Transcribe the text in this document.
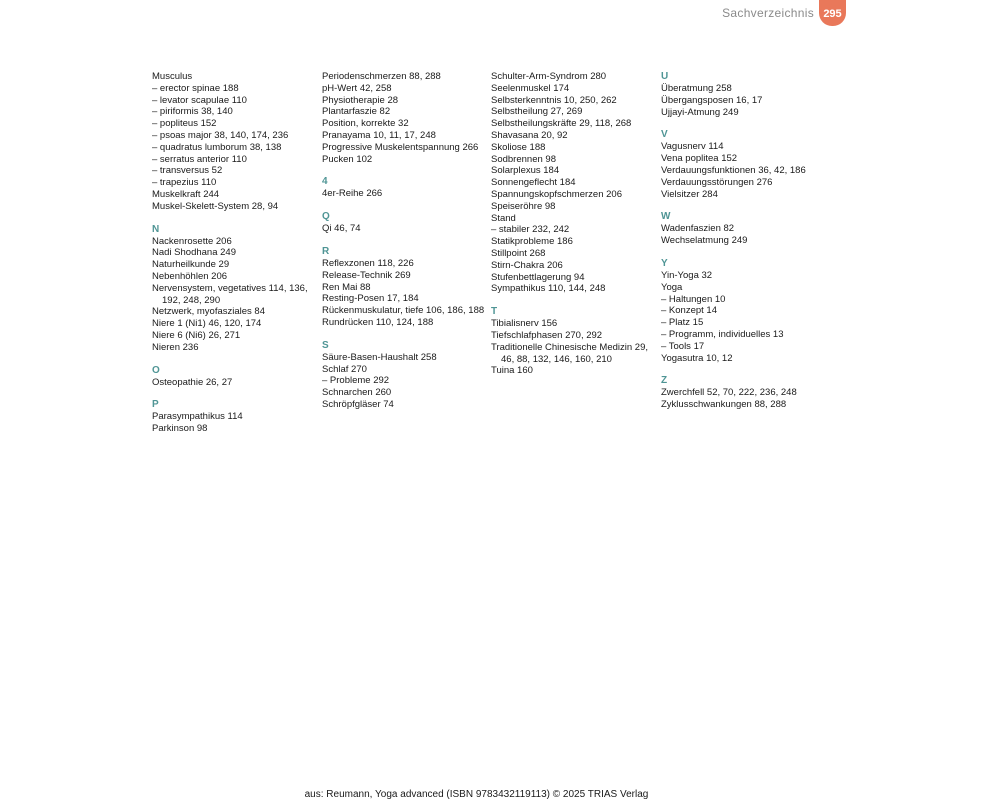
Sachverzeichnis 295
Musculus
– erector spinae 188
– levator scapulae 110
– piriformis 38, 140
– popliteus 152
– psoas major 38, 140, 174, 236
– quadratus lumborum 38, 138
– serratus anterior 110
– transversus 52
– trapezius 110
Muskelkraft 244
Muskel-Skelett-System 28, 94
N
Nackenrosette 206
Nadi Shodhana 249
Naturheilkunde 29
Nebenhöhlen 206
Nervensystem, vegetatives 114, 136, 192, 248, 290
Netzwerk, myofasziales 84
Niere 1 (Ni1) 46, 120, 174
Niere 6 (Ni6) 26, 271
Nieren 236
O
Osteopathie 26, 27
P
Parasympathikus 114
Parkinson 98
Periodenschmerzen 88, 288
pH-Wert 42, 258
Physiotherapie 28
Plantarfaszie 82
Position, korrekte 32
Pranayama 10, 11, 17, 248
Progressive Muskelentspannung 266
Pucken 102
4
4er-Reihe 266
Q
Qi 46, 74
R
Reflexzonen 118, 226
Release-Technik 269
Ren Mai 88
Resting-Posen 17, 184
Rückenmuskulatur, tiefe 106, 186, 188
Rundrücken 110, 124, 188
S
Säure-Basen-Haushalt 258
Schlaf 270
– Probleme 292
Schnarchen 260
Schröpfgläser 74
Schulter-Arm-Syndrom 280
Seelenmuskel 174
Selbsterkenntnis 10, 250, 262
Selbstheilung 27, 269
Selbstheilungskräfte 29, 118, 268
Shavasana 20, 92
Skoliose 188
Sodbrennen 98
Solarplexus 184
Sonnengeflecht 184
Spannungskopfschmerzen 206
Speiseröhre 98
Stand
– stabiler 232, 242
Statikprobleme 186
Stillpoint 268
Stirn-Chakra 206
Stufenbettlagerung 94
Sympathikus 110, 144, 248
T
Tibialisnerv 156
Tiefschlafphasen 270, 292
Traditionelle Chinesische Medizin 29, 46, 88, 132, 146, 160, 210
Tuina 160
U
Überatmung 258
Übergangsposen 16, 17
Ujjayi-Atmung 249
V
Vagusnerv 114
Vena poplitea 152
Verdauungsfunktionen 36, 42, 186
Verdauungsstörungen 276
Vielsitzer 284
W
Wadenfaszien 82
Wechselatmung 249
Y
Yin-Yoga 32
Yoga
– Haltungen 10
– Konzept 14
– Platz 15
– Programm, individuelles 13
– Tools 17
Yogasutra 10, 12
Z
Zwerchfell 52, 70, 222, 236, 248
Zyklusschwankungen 88, 288
aus: Reumann, Yoga advanced (ISBN 9783432119113) © 2025 TRIAS Verlag
